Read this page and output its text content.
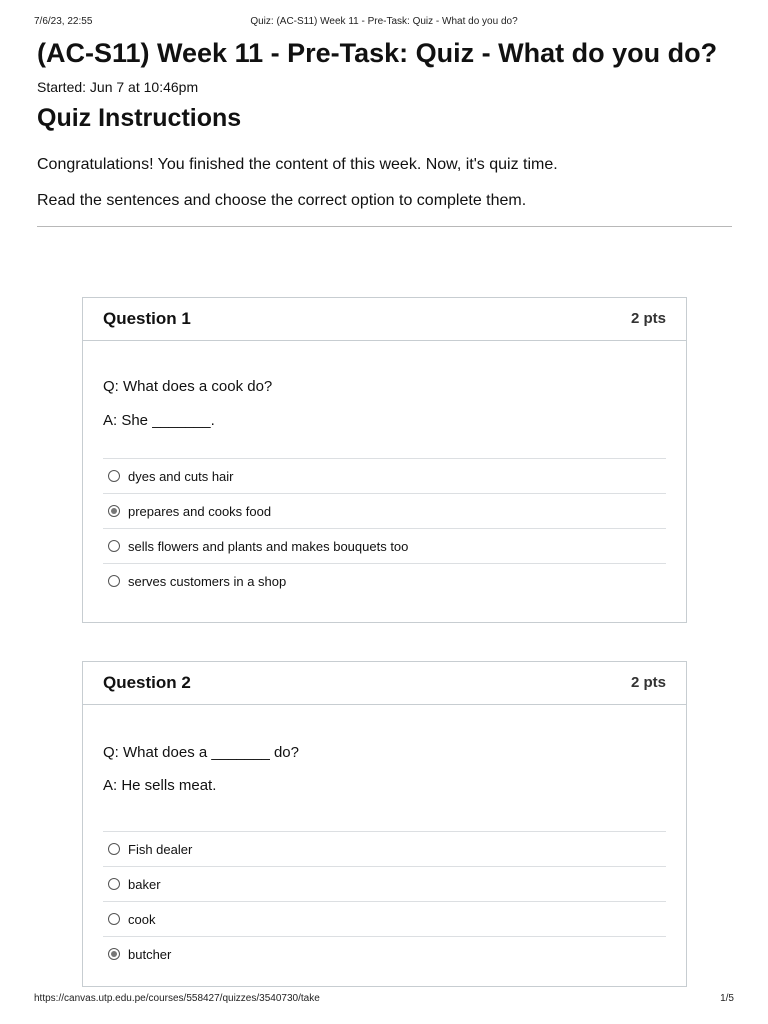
7/6/23, 22:55	Quiz: (AC-S11) Week 11 - Pre-Task: Quiz - What do you do?
(AC-S11) Week 11 - Pre-Task: Quiz - What do you do?
Started: Jun 7 at 10:46pm
Quiz Instructions

Congratulations! You finished the content of this week. Now, it's quiz time.

Read the sentences and choose the correct option to complete them.

Question 1	2 pts

Q: What does a cook do?

A: She _______.

dyes and cuts hair
prepares and cooks food
sells flowers and plants and makes bouquets too
serves customers in a shop
Question 2	2 pts

Q: What does a _______ do?

A: He sells meat.

Fish dealer
baker
cook
butcher
https://canvas.utp.edu.pe/courses/558427/quizzes/3540730/take	1/5
